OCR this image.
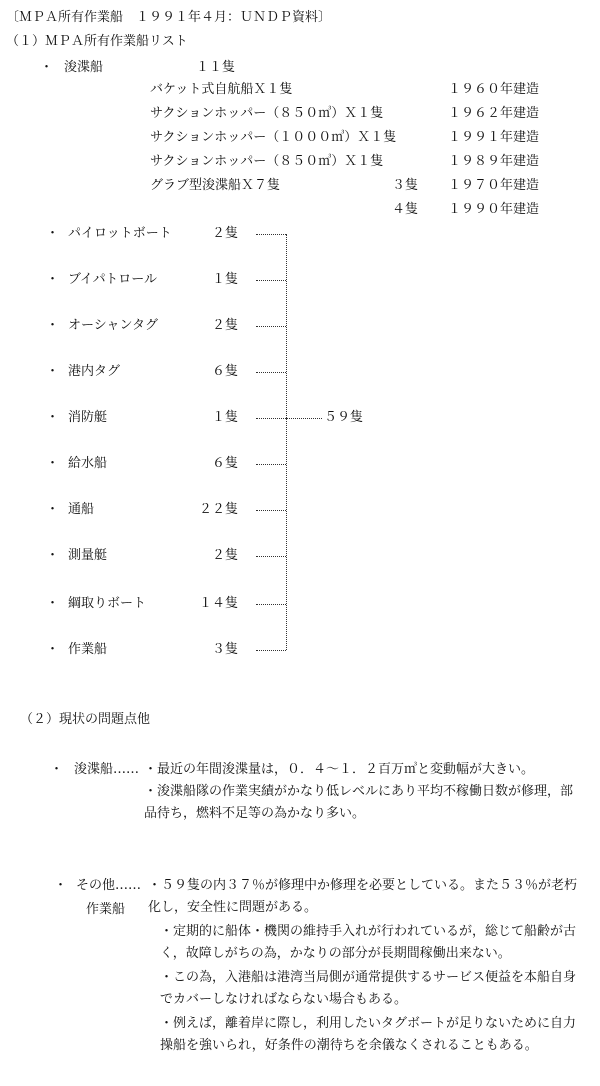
〔ＭＰＡ所有作業船　１９９１年４月：ＵＮＤＰ資料〕
（１）ＭＰＡ所有作業船リスト
・ 浚渫船	１１隻
バケット式自航船Ｘ１隻	１９６０年建造
サクションホッパー（８５０㎥）Ｘ１隻	１９６２年建造
サクションホッパー（１０００㎥）Ｘ１隻	１９９１年建造
サクションホッパー（８５０㎥）Ｘ１隻	１９８９年建造
グラブ型浚渫船Ｘ７隻	３隻 １９７０年建造
４隻 １９９０年建造
・ パイロットボート	２隻
・ ブイパトロール	１隻
・ オーシャンタグ	２隻
・ 港内タグ	６隻
・ 消防艇	１隻
・ 給水船	６隻
・ 通船	２２隻
・ 測量艇	２隻
・ 綱取りボート	１４隻
・ 作業船	３隻
５９隻
（２）現状の問題点他
・ 浚渫船…… ・最近の年間浚渫量は，０．４～１．２百万㎥と変動幅が大きい。
・浚渫船隊の作業実績がかなり低レベルにあり平均不稼働日数が修理，部品待ち，燃料不足等の為かなり多い。
・ その他……
作業船
・５９隻の内３７％が修理中か修理を必要としている。また５３％が老朽化し，安全性に問題がある。
・定期的に船体・機関の維持手入れが行われているが，総じて船齢が古く，故障しがちの為，かなりの部分が長期間稼働出来ない。
・この為，入港船は港湾当局側が通常提供するサービス便益を本船自身でカバーしなければならない場合もある。
・例えば，離着岸に際し，利用したいタグボートが足りないために自力操船を強いられ，好条件の潮待ちを余儀なくされることもある。
